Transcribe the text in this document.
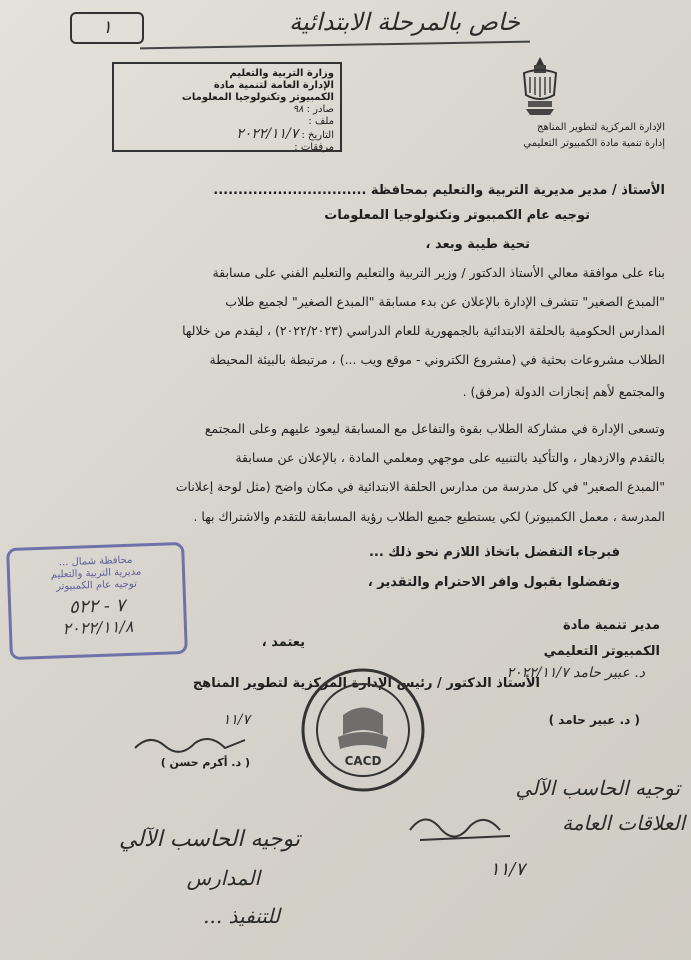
١	خاص بالمرحلة الابتدائية
وزارة التربية والتعليم
الإدارة العامة لتنمية مادة
الكمبيوتر وتكنولوجيا المعلومات
صادر : ٩٨
ملف :
التاريخ : ٢٠٢٢/١١/٧
مرفقات :
الإدارة المركزية لتطوير المناهج
إدارة تنمية مادة الكمبيوتر التعليمي
الأستاذ / مدير مديرية التربية والتعليم بمحافظة ...............................
توجيه عام الكمبيوتر وتكنولوجيا المعلومات
تحية طيبة وبعد ،
بناء على موافقة معالي الأستاذ الدكتور / وزير التربية والتعليم والتعليم الفني على مسابقة
"المبدع الصغير" تتشرف الإدارة بالإعلان عن بدء مسابقة "المبدع الصغير" لجميع طلاب
المدارس الحكومية بالحلقة الابتدائية بالجمهورية للعام الدراسي (٢٠٢٢/٢٠٢٣) ، ليقدم من خلالها
الطلاب مشروعات بحثية في (مشروع الكتروني - موقع ويب ...) ، مرتبطة بالبيئة المحيطة
والمجتمع لأهم إنجازات الدولة (مرفق) .
وتسعى الإدارة في مشاركة الطلاب بقوة والتفاعل مع المسابقة ليعود عليهم وعلى المجتمع
بالتقدم والازدهار ، والتأكيد بالتنبيه على موجهي ومعلمي المادة ، بالإعلان عن مسابقة
"المبدع الصغير" في كل مدرسة من مدارس الحلقة الابتدائية في مكان واضح (مثل لوحة إعلانات
المدرسة ، معمل الكمبيوتر) لكي يستطيع جميع الطلاب رؤية المسابقة للتقدم والاشتراك بها .
فبرجاء التفضل باتخاذ اللازم نحو ذلك ...
وتفضلوا بقبول وافر الاحترام والتقدير ،
مدير تنمية مادة
الكمبيوتر التعليمي
د. عبير حامد ٢٠٢٢/١١/٧
( د. عبير حامد )
يعتمد ،
الأستاذ الدكتور / رئيس الإدارة المركزية لتطوير المناهج
١١/٧
( د. أكرم حسن )
محافظة شمال ...
مديرية التربية والتعليم
توجيه عام الكمبيوتر
٧ - ٥٢٢
٢٠٢٢/١١/٨
CACD
توجيه الحاسب الآلي
العلاقات العامة
١١/٧
توجيه الحاسب الآلي
المدارس
للتنفيذ ...
